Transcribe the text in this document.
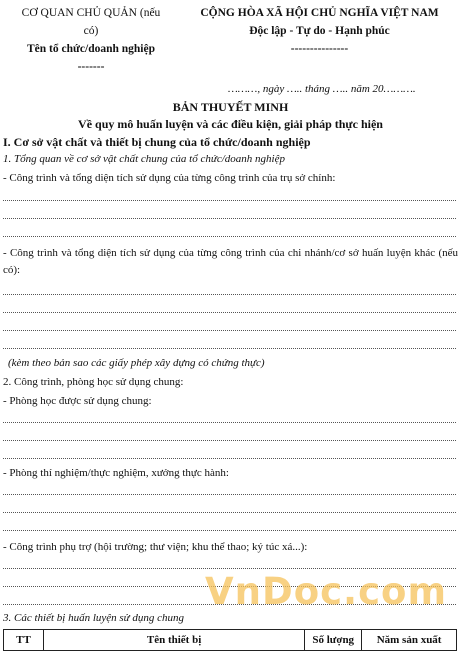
CƠ QUAN CHỦ QUẢN (nếu
có)
Tên tổ chức/doanh nghiệp
-------
CỘNG HÒA XÃ HỘI CHỦ NGHĨA VIỆT NAM
Độc lập - Tự do - Hạnh phúc
---------------
………, ngày ….. tháng ….. năm 20……….
BẢN THUYẾT MINH
Về quy mô huấn luyện và các điều kiện, giải pháp thực hiện
I. Cơ sở vật chất và thiết bị chung của tổ chức/doanh nghiệp
1. Tổng quan về cơ sở vật chất chung của tổ chức/doanh nghiệp
- Công trình và tổng diện tích sử dụng của từng công trình của trụ sở chính:
- Công trình và tổng diện tích sử dụng của từng công trình của chi nhánh/cơ sở huấn luyện khác (nếu có):
(kèm theo bản sao các giấy phép xây dựng có chứng thực)
2. Công trình, phòng học sử dụng chung:
- Phòng học được sử dụng chung:
- Phòng thí nghiệm/thực nghiệm, xưởng thực hành:
- Công trình phụ trợ (hội trường; thư viện; khu thể thao; ký túc xá...):
VnDoc.com
3. Các thiết bị huấn luyện sử dụng chung
TT	Tên thiết bị	Số lượng	Năm sản xuất
